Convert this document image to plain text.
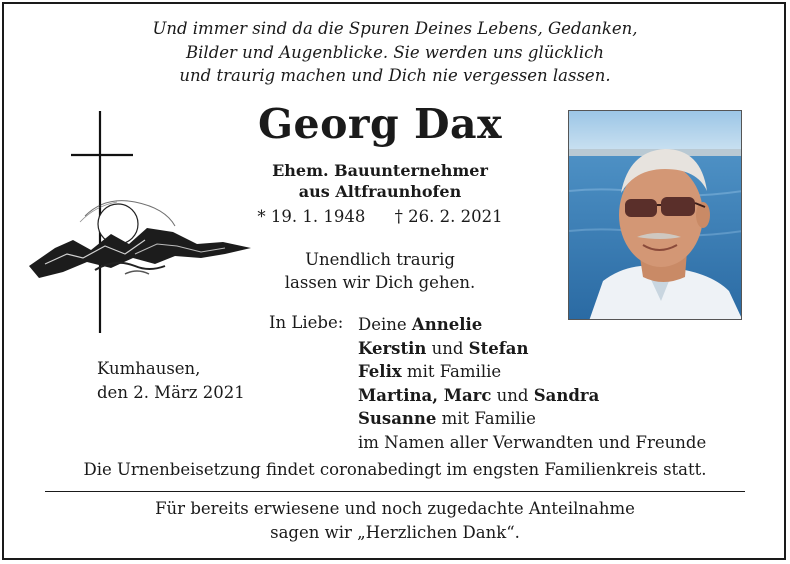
Und immer sind da die Spuren Deines Lebens, Gedanken,
Bilder und Augenblicke. Sie werden uns glücklich
und traurig machen und Dich nie vergessen lassen.
Georg Dax
Ehem. Bauunternehmer
aus Altfraunhofen
* 19. 1. 1948 † 26. 2. 2021
Unendlich traurig
lassen wir Dich gehen.
In Liebe: Deine Annelie
Kerstin und Stefan
Felix mit Familie
Martina, Marc und Sandra
Susanne mit Familie
im Namen aller Verwandten und Freunde
Kumhausen,
den 2. März 2021
Die Urnenbeisetzung findet coronabedingt im engsten Familienkreis statt.
Für bereits erwiesene und noch zugedachte Anteilnahme
sagen wir „Herzlichen Dank“.
